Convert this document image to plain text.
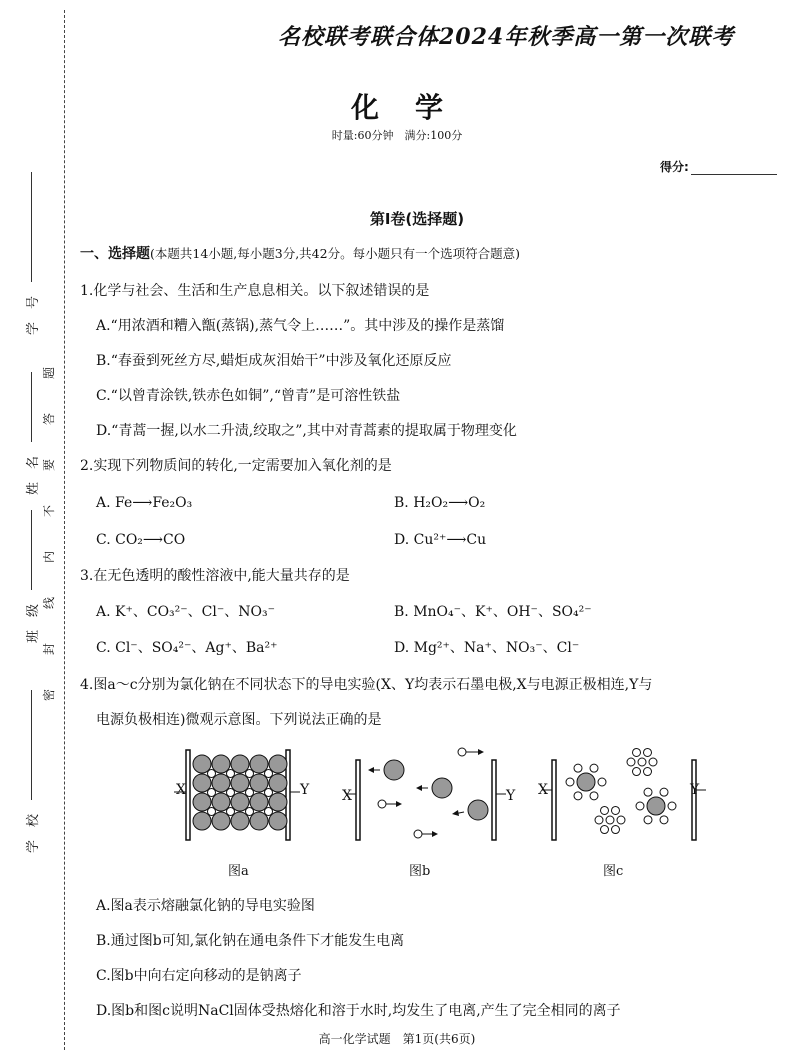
学　号
姓　名
班　级
学　校
题
答
要
不
内
线
封
密
名校联考联合体2024年秋季高一第一次联考
化学
时量:60分钟　满分:100分
得分:
第Ⅰ卷(选择题)
一、选择题(本题共14小题,每小题3分,共42分。每小题只有一个选项符合题意)
1.化学与社会、生活和生产息息相关。以下叙述错误的是
A.“用浓酒和糟入甑(蒸锅),蒸气令上……”。其中涉及的操作是蒸馏
B.“春蚕到死丝方尽,蜡炬成灰泪始干”中涉及氧化还原反应
C.“以曾青涂铁,铁赤色如铜”,“曾青”是可溶性铁盐
D.“青蒿一握,以水二升渍,绞取之”,其中对青蒿素的提取属于物理变化
2.实现下列物质间的转化,一定需要加入氧化剂的是
A. Fe⟶Fe₂O₃	B. H₂O₂⟶O₂
C. CO₂⟶CO	D. Cu²⁺⟶Cu
3.在无色透明的酸性溶液中,能大量共存的是
A. K⁺、CO₃²⁻、Cl⁻、NO₃⁻	B. MnO₄⁻、K⁺、OH⁻、SO₄²⁻
C. Cl⁻、SO₄²⁻、Ag⁺、Ba²⁺	D. Mg²⁺、Na⁺、NO₃⁻、Cl⁻
4.图a～c分别为氯化钠在不同状态下的导电实验(X、Y均表示石墨电极,X与电源正极相连,Y与
电源负极相连)微观示意图。下列说法正确的是
A.图a表示熔融氯化钠的导电实验图
B.通过图b可知,氯化钠在通电条件下才能发生电离
C.图b中向右定向移动的是钠离子
D.图b和图c说明NaCl固体受热熔化和溶于水时,均发生了电离,产生了完全相同的离子
X	Y X	Y X	Y
图a	图b	图c
高一化学试题　第1页(共6页)
